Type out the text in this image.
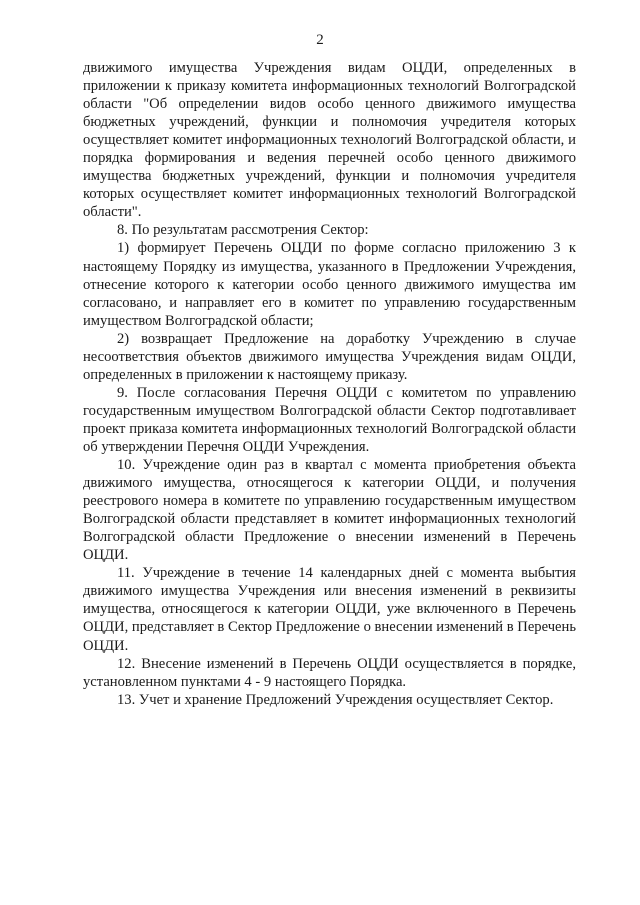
2

движимого имущества Учреждения видам ОЦДИ, определенных в приложении к приказу комитета информационных технологий Волгоградской области "Об определении видов особо ценного движимого имущества бюджетных учреждений, функции и полномочия учредителя которых осуществляет комитет информационных технологий Волгоградской области, и порядка формирования и ведения перечней особо ценного движимого имущества бюджетных учреждений, функции и полномочия учредителя которых осуществляет комитет информационных технологий Волгоградской области".

8. По результатам рассмотрения Сектор:

1) формирует Перечень ОЦДИ по форме согласно приложению 3 к настоящему Порядку из имущества, указанного в Предложении Учреждения, отнесение которого к категории особо ценного движимого имущества им согласовано, и направляет его в комитет по управлению государственным имуществом Волгоградской области;

2) возвращает Предложение на доработку Учреждению в случае несоответствия объектов движимого имущества Учреждения видам ОЦДИ, определенных в приложении к настоящему приказу.

9. После согласования Перечня ОЦДИ с комитетом по управлению государственным имуществом Волгоградской области Сектор подготавливает проект приказа комитета информационных технологий Волгоградской области об утверждении Перечня ОЦДИ Учреждения.

10. Учреждение один раз в квартал с момента приобретения объекта движимого имущества, относящегося к категории ОЦДИ, и получения реестрового номера в комитете по управлению государственным имуществом Волгоградской области представляет в комитет информационных технологий Волгоградской области Предложение о внесении изменений в Перечень ОЦДИ.

11. Учреждение в течение 14 календарных дней с момента выбытия движимого имущества Учреждения или внесения изменений в реквизиты имущества, относящегося к категории ОЦДИ, уже включенного в Перечень ОЦДИ, представляет в Сектор Предложение о внесении изменений в Перечень ОЦДИ.

12. Внесение изменений в Перечень ОЦДИ осуществляется в порядке, установленном пунктами 4 - 9 настоящего Порядка.

13. Учет и хранение Предложений Учреждения осуществляет Сектор.
